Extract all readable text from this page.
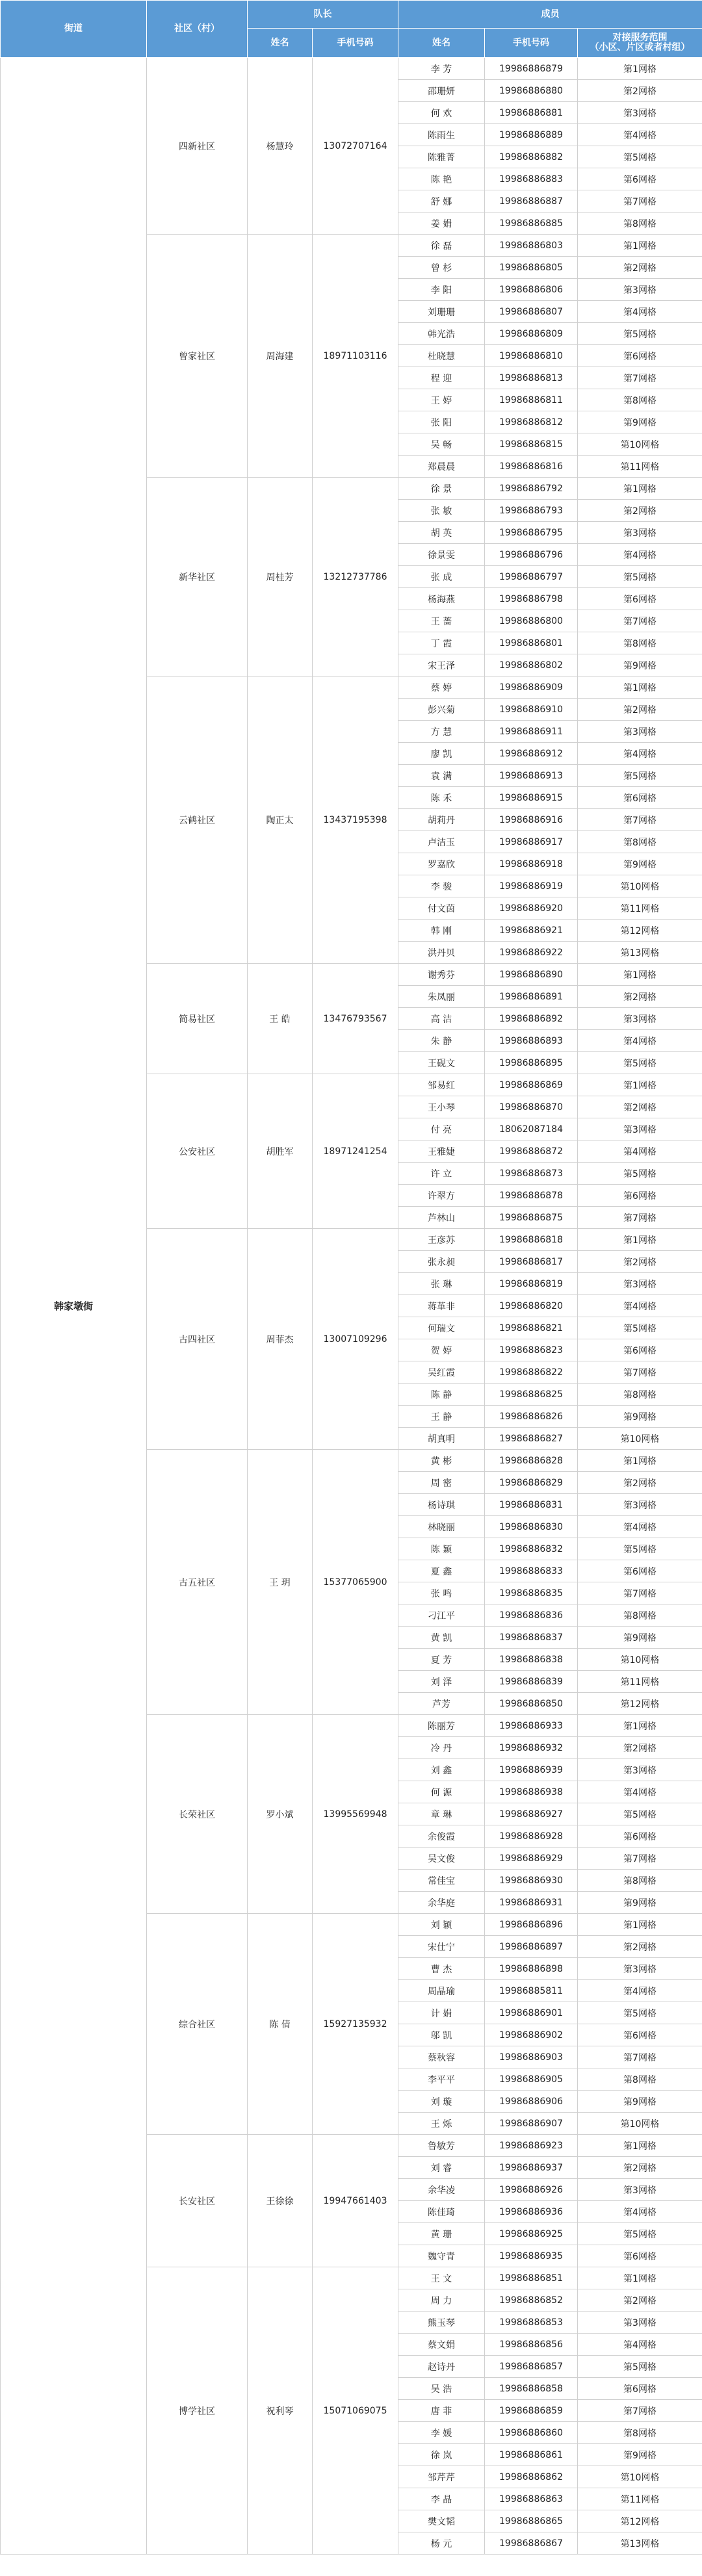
街道	社区（村）	队长		成员		
		姓名	手机号码	姓名	手机号码	对接服务范围
（小区、片区或者村组）
韩家墩街	四新社区	杨慧玲	13072707164	李 芳	19986886879	第1网格
				邵珊妍	19986886880	第2网格
				何 欢	19986886881	第3网格
				陈雨生	19986886889	第4网格
				陈雅菁	19986886882	第5网格
				陈 艳	19986886883	第6网格
				舒 娜	19986886887	第7网格
				姜 娟	19986886885	第8网格
	曾家社区	周海建	18971103116	徐 磊	19986886803	第1网格
				曾 杉	19986886805	第2网格
				李 阳	19986886806	第3网格
				刘珊珊	19986886807	第4网格
				韩光浩	19986886809	第5网格
				杜晓慧	19986886810	第6网格
				程 迎	19986886813	第7网格
				王 婷	19986886811	第8网格
				张 阳	19986886812	第9网格
				吴 畅	19986886815	第10网格
				郑晨晨	19986886816	第11网格
	新华社区	周桂芳	13212737786	徐 景	19986886792	第1网格
				张 敏	19986886793	第2网格
				胡 英	19986886795	第3网格
				徐景雯	19986886796	第4网格
				张 成	19986886797	第5网格
				杨海燕	19986886798	第6网格
				王 薔	19986886800	第7网格
				丁 霞	19986886801	第8网格
				宋王泽	19986886802	第9网格
	云鹤社区	陶正太	13437195398	蔡 婷	19986886909	第1网格
				彭兴菊	19986886910	第2网格
				方 慧	19986886911	第3网格
				廖 凯	19986886912	第4网格
				袁 满	19986886913	第5网格
				陈 禾	19986886915	第6网格
				胡莉丹	19986886916	第7网格
				卢洁玉	19986886917	第8网格
				罗嘉欣	19986886918	第9网格
				李 骏	19986886919	第10网格
				付文茵	19986886920	第11网格
				韩 刚	19986886921	第12网格
				洪丹贝	19986886922	第13网格
	简易社区	王 皓	13476793567	谢秀芬	19986886890	第1网格
				朱凤丽	19986886891	第2网格
				高 洁	19986886892	第3网格
				朱 静	19986886893	第4网格
				王砚文	19986886895	第5网格
	公安社区	胡胜军	18971241254	邹易红	19986886869	第1网格
				王小琴	19986886870	第2网格
				付 亮	18062087184	第3网格
				王雅婕	19986886872	第4网格
				许 立	19986886873	第5网格
				许翠方	19986886878	第6网格
				芦林山	19986886875	第7网格
	古四社区	周菲杰	13007109296	王彦苏	19986886818	第1网格
				张永昶	19986886817	第2网格
				张 琳	19986886819	第3网格
				蒋革非	19986886820	第4网格
				何瑞文	19986886821	第5网格
				贺 婷	19986886823	第6网格
				吴红霞	19986886822	第7网格
				陈 静	19986886825	第8网格
				王 静	19986886826	第9网格
				胡真明	19986886827	第10网格
	古五社区	王 玥	15377065900	黄 彬	19986886828	第1网格
				周 密	19986886829	第2网格
				杨诗琪	19986886831	第3网格
				林晓丽	19986886830	第4网格
				陈 颖	19986886832	第5网格
				夏 鑫	19986886833	第6网格
				张 鸣	19986886835	第7网格
				刁江平	19986886836	第8网格
				黄 凯	19986886837	第9网格
				夏 芳	19986886838	第10网格
				刘 泽	19986886839	第11网格
				芦芳	19986886850	第12网格
	长荣社区	罗小斌	13995569948	陈丽芳	19986886933	第1网格
				冷 丹	19986886932	第2网格
				刘 鑫	19986886939	第3网格
				何 源	19986886938	第4网格
				章 琳	19986886927	第5网格
				余俊霞	19986886928	第6网格
				吴文俊	19986886929	第7网格
				常佳宝	19986886930	第8网格
				余华庭	19986886931	第9网格
	综合社区	陈 倩	15927135932	刘 颖	19986886896	第1网格
				宋仕宁	19986886897	第2网格
				曹 杰	19986886898	第3网格
				周晶瑜	19986885811	第4网格
				计 娟	19986886901	第5网格
				邬 凯	19986886902	第6网格
				蔡秋容	19986886903	第7网格
				李平平	19986886905	第8网格
				刘 璇	19986886906	第9网格
				王 烁	19986886907	第10网格
	长安社区	王徐徐	19947661403	鲁敏芳	19986886923	第1网格
				刘 睿	19986886937	第2网格
				余华凌	19986886926	第3网格
				陈佳琦	19986886936	第4网格
				黄 珊	19986886925	第5网格
				魏守青	19986886935	第6网格
	博学社区	祝利琴	15071069075	王 文	19986886851	第1网格
				周 力	19986886852	第2网格
				熊玉琴	19986886853	第3网格
				蔡文娟	19986886856	第4网格
				赵诗丹	19986886857	第5网格
				吴 浩	19986886858	第6网格
				唐 菲	19986886859	第7网格
				李 媛	19986886860	第8网格
				徐 岚	19986886861	第9网格
				邹芹芹	19986886862	第10网格
				李 晶	19986886863	第11网格
				樊文韬	19986886865	第12网格
				杨 元	19986886867	第13网格
